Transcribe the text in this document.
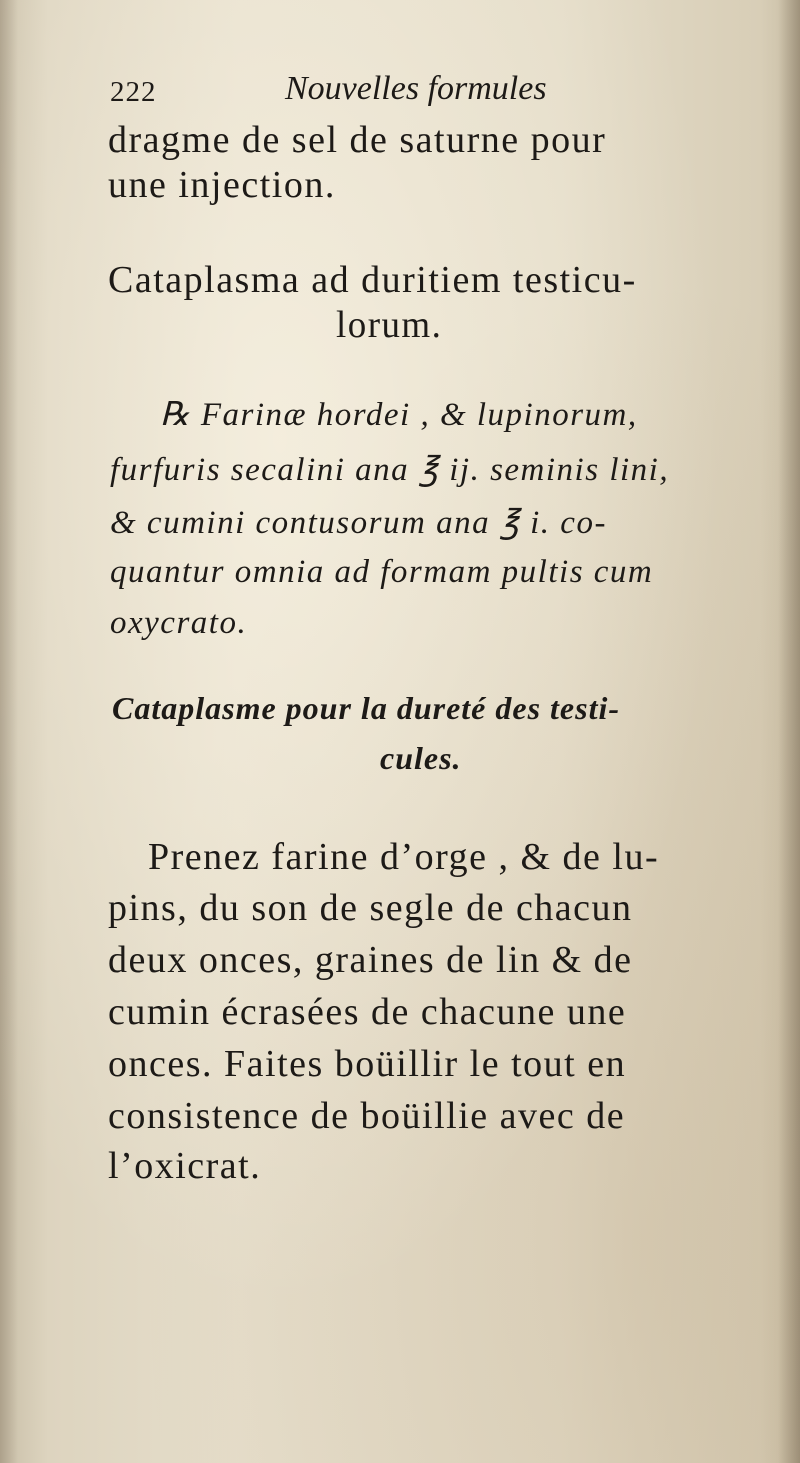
222	Nouvelles formules
dragme de sel de saturne pour
une injection.
Cataplasma ad duritiem testicu-
lorum.
℞ Farinæ hordei , & lupinorum,
furfuris secalini ana ℥ ij. seminis lini,
& cumini contusorum ana ℥ i. co-
quantur omnia ad formam pultis cum
oxycrato.
Cataplasme pour la dureté des testi-
cules.
Prenez farine d’orge , & de lu-
pins, du son de segle de chacun
deux onces, graines de lin & de
cumin écrasées de chacune une
onces. Faites boüillir le tout en
consistence de boüillie avec de
l’oxicrat.
